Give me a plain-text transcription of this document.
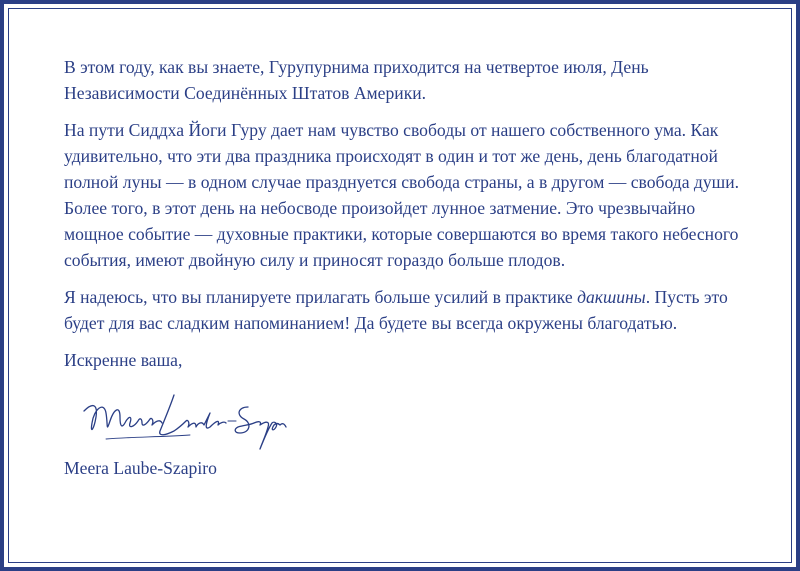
В этом году, как вы знаете, Гурупурнима приходится на четвертое июля, День Независимости Соединённых Штатов Америки.

На пути Сиддха Йоги Гуру дает нам чувство свободы от нашего собственного ума. Как удивительно, что эти два праздника происходят в один и тот же день, день благодатной полной луны — в одном случае празднуется свобода страны, а в другом — свобода души. Более того, в этот день на небосводе произойдет лунное затмение. Это чрезвычайно мощное событие — духовные практики, которые совершаются во время такого небесного события, имеют двойную силу и приносят гораздо больше плодов.

Я надеюсь, что вы планируете прилагать больше усилий в практике дакшины. Пусть это будет для вас сладким напоминанием! Да будете вы всегда окружены благодатью.

Искренне ваша,

Meera Laube-Szapiro
